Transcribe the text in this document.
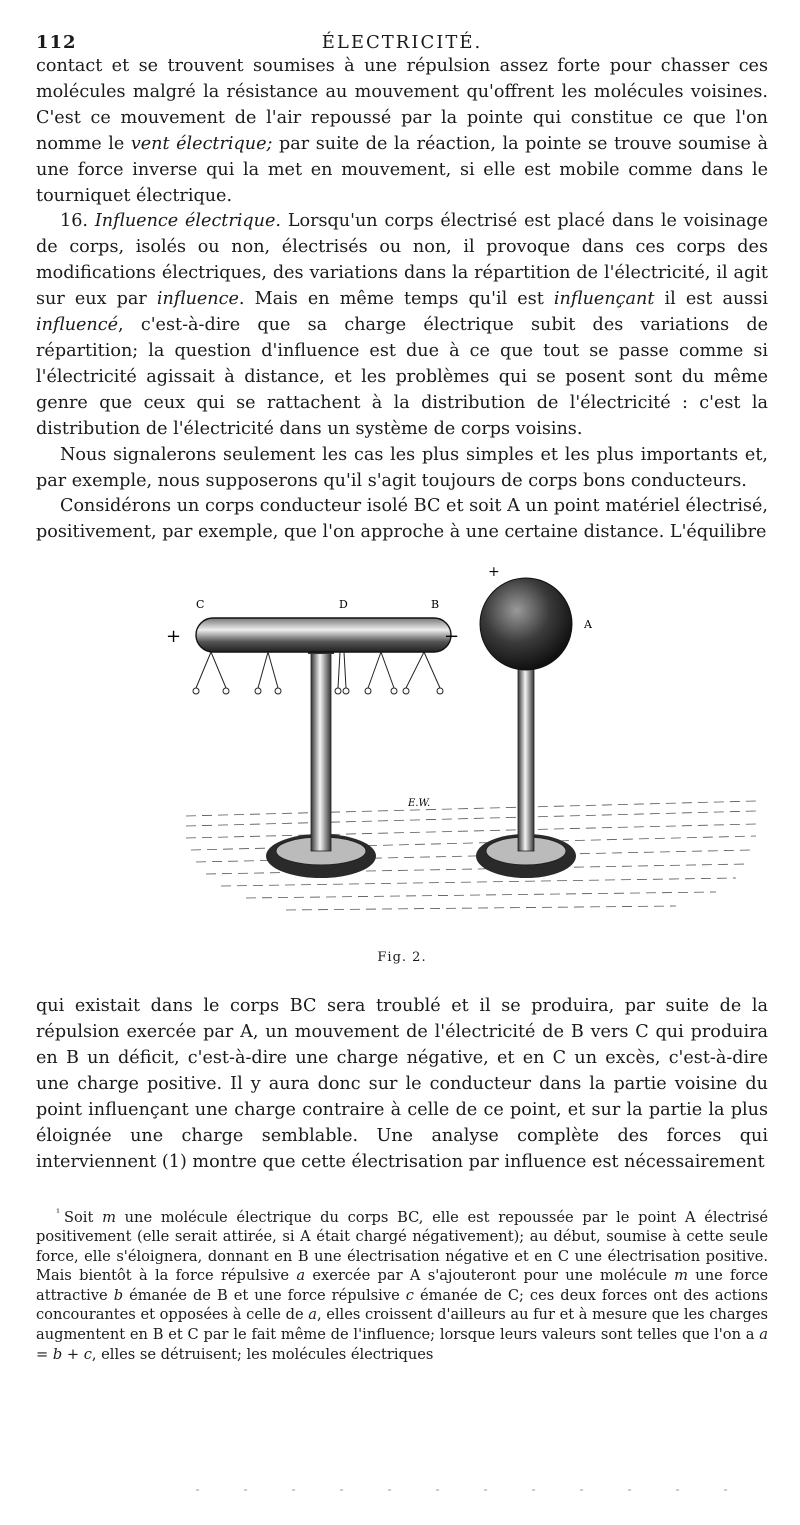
112	ÉLECTRICITÉ.

contact et se trouvent soumises à une répulsion assez forte pour chasser ces molécules malgré la résistance au mouvement qu'offrent les molécules voisines. C'est ce mouvement de l'air repoussé par la pointe qui constitue ce que l'on nomme le vent électrique; par suite de la réaction, la pointe se trouve soumise à une force inverse qui la met en mouvement, si elle est mobile comme dans le tourniquet électrique.

16. Influence électrique. Lorsqu'un corps électrisé est placé dans le voisinage de corps, isolés ou non, électrisés ou non, il provoque dans ces corps des modifications électriques, des variations dans la répartition de l'électricité, il agit sur eux par influence. Mais en même temps qu'il est influençant il est aussi influencé, c'est-à-dire que sa charge électrique subit des variations de répartition; la question d'influence est due à ce que tout se passe comme si l'électricité agissait à distance, et les problèmes qui se posent sont du même genre que ceux qui se rattachent à la distribution de l'électricité : c'est la distribution de l'électricité dans un système de corps voisins.

Nous signalerons seulement les cas les plus simples et les plus importants et, par exemple, nous supposerons qu'il s'agit toujours de corps bons conducteurs.

Considérons un corps conducteur isolé BC et soit A un point matériel électrisé, positivement, par exemple, que l'on approche à une certaine distance. L'équilibre

C	D	B
A
+	−
+
E.W.
Fig. 2.

qui existait dans le corps BC sera troublé et il se produira, par suite de la répulsion exercée par A, un mouvement de l'électricité de B vers C qui produira en B un déficit, c'est-à-dire une charge négative, et en C un excès, c'est-à-dire une charge positive. Il y aura donc sur le conducteur dans la partie voisine du point influençant une charge contraire à celle de ce point, et sur la partie la plus éloignée une charge semblable. Une analyse complète des forces qui interviennent (1) montre que cette électrisation par influence est nécessairement

$^{^1}$ Soit m une molécule électrique du corps BC, elle est repoussée par le point A électrisé positivement (elle serait attirée, si A était chargé négativement); au début, soumise à cette seule force, elle s'éloignera, donnant en B une électrisation négative et en C une électrisation positive. Mais bientôt à la force répulsive a exercée par A s'ajouteront pour une molécule m une force attractive b émanée de B et une force répulsive c émanée de C; ces deux forces ont des actions concourantes et opposées à celle de a, elles croissent d'ailleurs au fur et à mesure que les charges augmentent en B et C par le fait même de l'influence; lorsque leurs valeurs sont telles que l'on a a = b + c, elles se détruisent; les molécules électriques
